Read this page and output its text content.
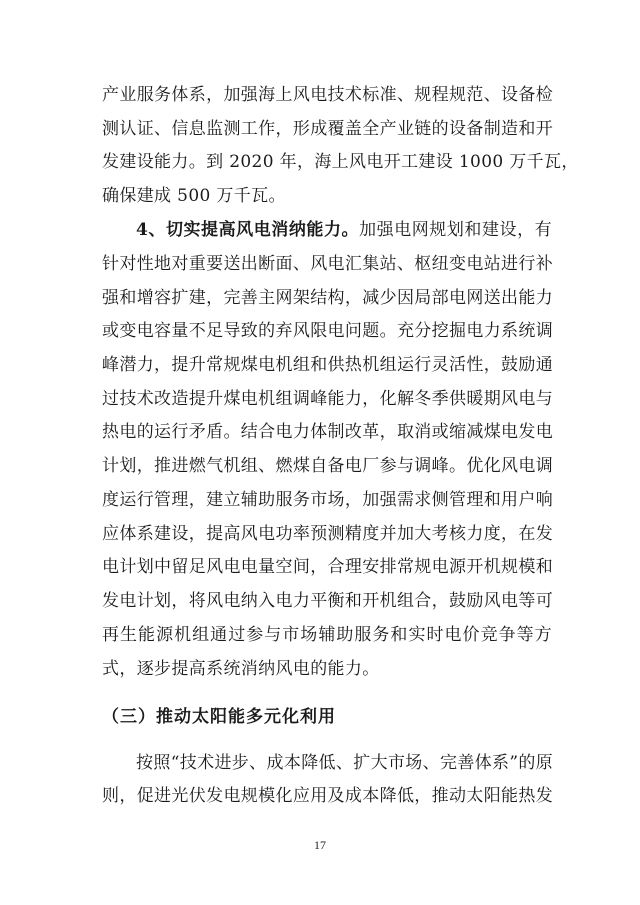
产业服务体系，加强海上风电技术标准、规程规范、设备检
测认证、信息监测工作，形成覆盖全产业链的设备制造和开
发建设能力。到 2020 年，海上风电开工建设 1000 万千瓦，
确保建成 500 万千瓦。
4、切实提高风电消纳能力。加强电网规划和建设，有
针对性地对重要送出断面、风电汇集站、枢纽变电站进行补
强和增容扩建，完善主网架结构，减少因局部电网送出能力
或变电容量不足导致的弃风限电问题。充分挖掘电力系统调
峰潜力，提升常规煤电机组和供热机组运行灵活性，鼓励通
过技术改造提升煤电机组调峰能力，化解冬季供暖期风电与
热电的运行矛盾。结合电力体制改革，取消或缩减煤电发电
计划，推进燃气机组、燃煤自备电厂参与调峰。优化风电调
度运行管理，建立辅助服务市场，加强需求侧管理和用户响
应体系建设，提高风电功率预测精度并加大考核力度，在发
电计划中留足风电电量空间，合理安排常规电源开机规模和
发电计划，将风电纳入电力平衡和开机组合，鼓励风电等可
再生能源机组通过参与市场辅助服务和实时电价竞争等方
式，逐步提高系统消纳风电的能力。
（三）推动太阳能多元化利用
按照“技术进步、成本降低、扩大市场、完善体系”的原
则，促进光伏发电规模化应用及成本降低，推动太阳能热发
17
